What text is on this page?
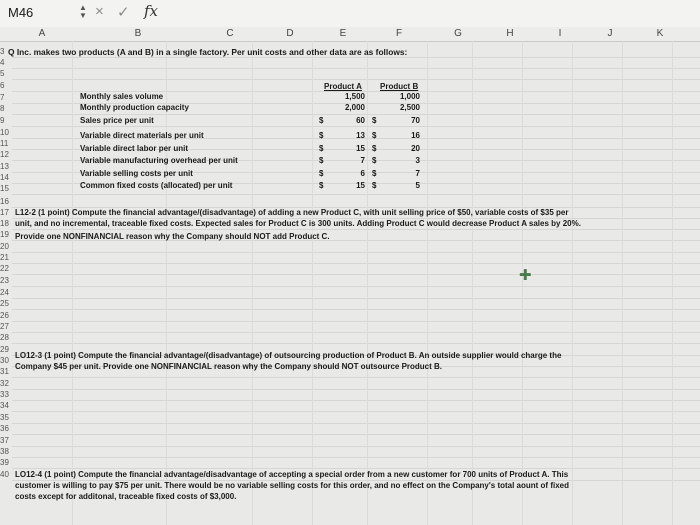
M46	▲
▼ × ✓ fx
A	B	C	D	E	F	G	H	I	J	K
3
4
5
6
7
8
9
10
11
12
13
14
15
16
17
18
19
20
21
22
23
24
25
26
27
28
29
30
31
32
33
34
35
36
37
38
39
40
Q Inc. makes two products (A and B) in a single factory. Per unit costs and other data are as follows:
Product A Product B
Monthly sales volume	1,500	1,000
Monthly production capacity	2,000	2,500
Sales price per unit	$	60 $	70
Variable direct materials per unit	$	13 $	16
Variable direct labor per unit	$	15 $	20
Variable manufacturing overhead per unit	$	7 $	3
Variable selling costs per unit	$	6 $	7
Common fixed costs (allocated) per unit	$	15 $	5
L12-2 (1 point) Compute the financial advantage/(disadvantage) of adding a new Product C, with unit selling price of $50, variable costs of $35 per
unit, and no incremental, traceable fixed costs. Expected sales for Product C is 300 units. Adding Product C would decrease Product A sales by 20%.
Provide one NONFINANCIAL reason why the Company should NOT add Product C.
✚
LO12-3 (1 point) Compute the financial advantage/(disadvantage) of outsourcing production of Product B. An outside supplier would charge the
Company $45 per unit. Provide one NONFINANCIAL reason why the Company should NOT outsource Product B.
LO12-4 (1 point) Compute the financial advantage/disadvantage of accepting a special order from a new customer for 700 units of Product A. This
customer is willing to pay $75 per unit. There would be no variable selling costs for this order, and no effect on the Company's total aount of fixed
costs except for additonal, traceable fixed costs of $3,000.
